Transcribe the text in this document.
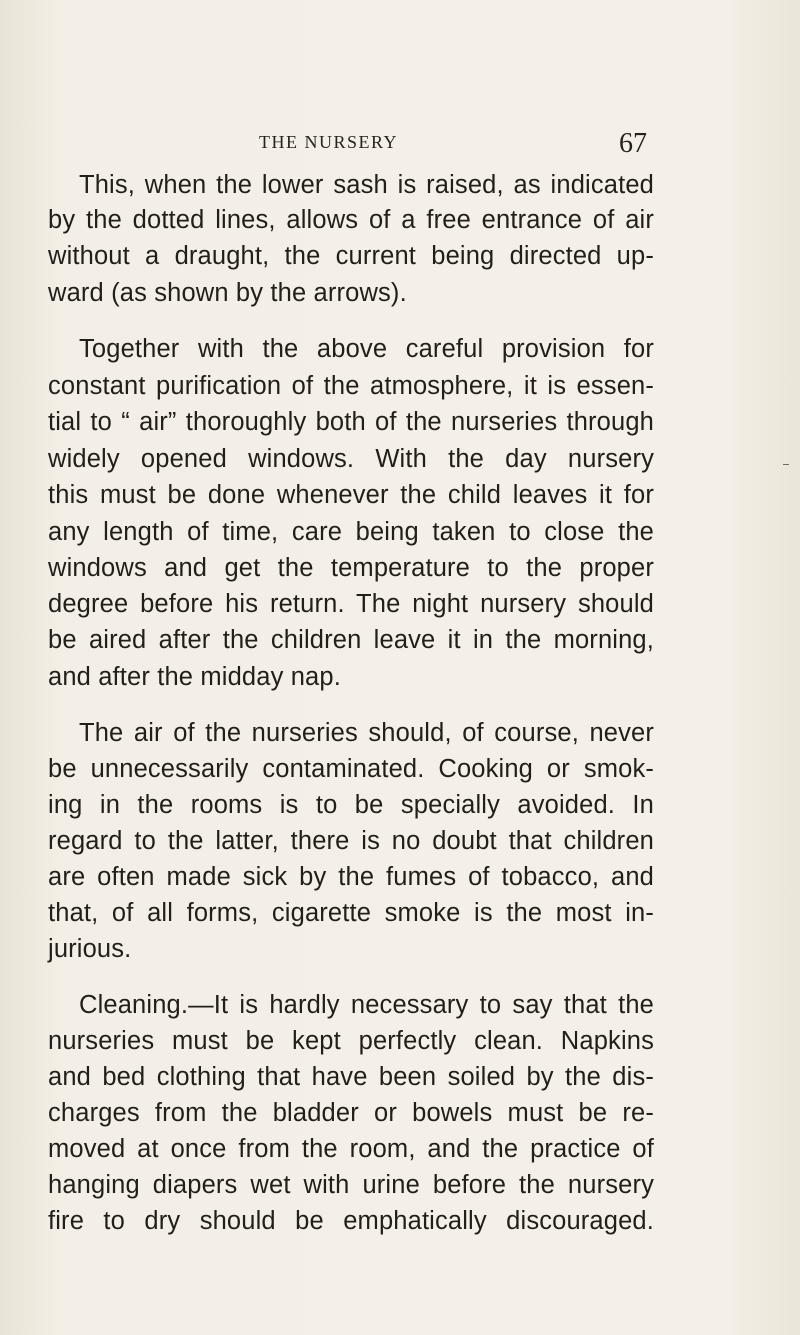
THE NURSERY	67
This, when the lower sash is raised, as indicated
by the dotted lines, allows of a free entrance of air
without a draught, the current being directed up-
ward (as shown by the arrows).
Together with the above careful provision for
constant purification of the atmosphere, it is essen-
tial to “ air” thoroughly both of the nurseries through
widely opened windows. With the day nursery
this must be done whenever the child leaves it for
any length of time, care being taken to close the
windows and get the temperature to the proper
degree before his return. The night nursery should
be aired after the children leave it in the morning,
and after the midday nap.
The air of the nurseries should, of course, never
be unnecessarily contaminated. Cooking or smok-
ing in the rooms is to be specially avoided. In
regard to the latter, there is no doubt that children
are often made sick by the fumes of tobacco, and
that, of all forms, cigarette smoke is the most in-
jurious.
Cleaning.—It is hardly necessary to say that the
nurseries must be kept perfectly clean. Napkins
and bed clothing that have been soiled by the dis-
charges from the bladder or bowels must be re-
moved at once from the room, and the practice of
hanging diapers wet with urine before the nursery
fire to dry should be emphatically discouraged.
